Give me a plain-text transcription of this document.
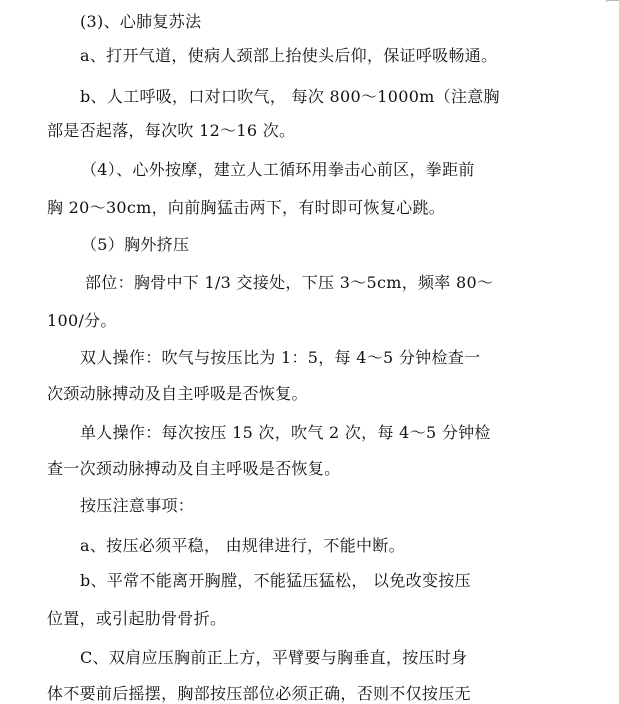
(3)、心肺复苏法
a、打开气道，使病人颈部上抬使头后仰，保证呼吸畅通。
b、人工呼吸，口对口吹气， 每次 800～1000m（注意胸
部是否起落，每次吹 12～16 次。
（4）、心外按摩，建立人工循环用拳击心前区，拳距前
胸 20～30cm，向前胸猛击两下，有时即可恢复心跳。
（5）胸外挤压
部位：胸骨中下 1/3 交接处，下压 3～5cm，频率 80～
100/分。
双人操作：吹气与按压比为 1：5，每 4～5 分钟检查一
次颈动脉搏动及自主呼吸是否恢复。
单人操作：每次按压 15 次，吹气 2 次，每 4～5 分钟检
查一次颈动脉搏动及自主呼吸是否恢复。
按压注意事项：
a、按压必须平稳， 由规律进行，不能中断。
b、平常不能离开胸膛，不能猛压猛松， 以免改变按压
位置，或引起肋骨骨折。
C、双肩应压胸前正上方，平臂要与胸垂直，按压时身
体不要前后摇摆，胸部按压部位必须正确，否则不仅按压无
